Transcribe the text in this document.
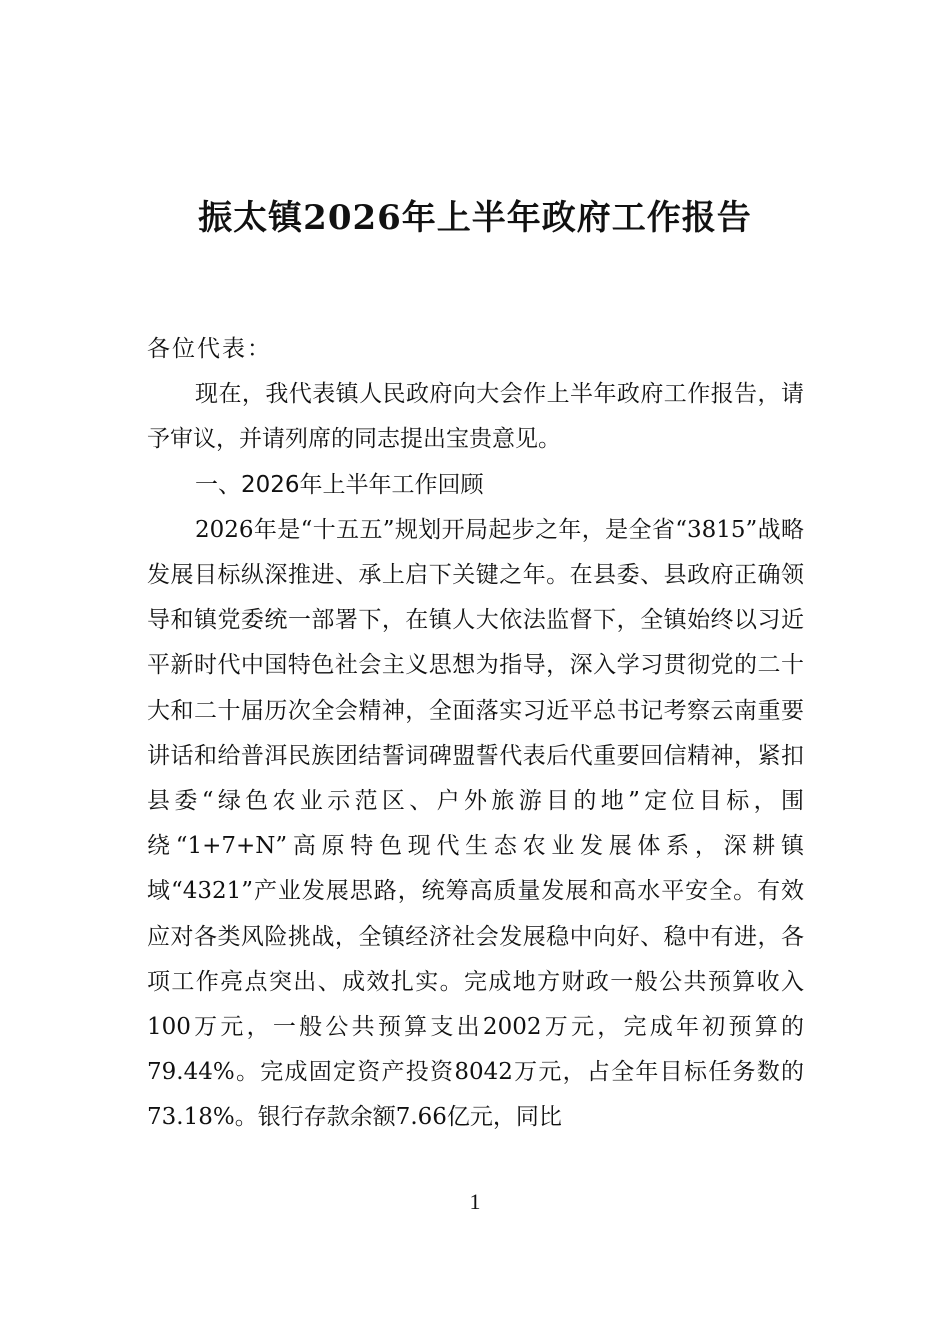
振太镇2026年上半年政府工作报告

各位代表：

现在，我代表镇人民政府向大会作上半年政府工作报告，请予审议，并请列席的同志提出宝贵意见。

一、2026年上半年工作回顾

2026年是“十五五”规划开局起步之年，是全省“3815”战略发展目标纵深推进、承上启下关键之年。在县委、县政府正确领导和镇党委统一部署下，在镇人大依法监督下，全镇始终以习近平新时代中国特色社会主义思想为指导，深入学习贯彻党的二十大和二十届历次全会精神，全面落实习近平总书记考察云南重要讲话和给普洱民族团结誓词碑盟誓代表后代重要回信精神，紧扣县委“绿色农业示范区、户外旅游目的地”定位目标，围绕“1+7+N”高原特色现代生态农业发展体系，深耕镇域“4321”产业发展思路，统筹高质量发展和高水平安全。有效应对各类风险挑战，全镇经济社会发展稳中向好、稳中有进，各项工作亮点突出、成效扎实。完成地方财政一般公共预算收入100万元，一般公共预算支出2002万元，完成年初预算的79.44%。完成固定资产投资8042万元，占全年目标任务数的73.18%。银行存款余额7.66亿元，同比

1
